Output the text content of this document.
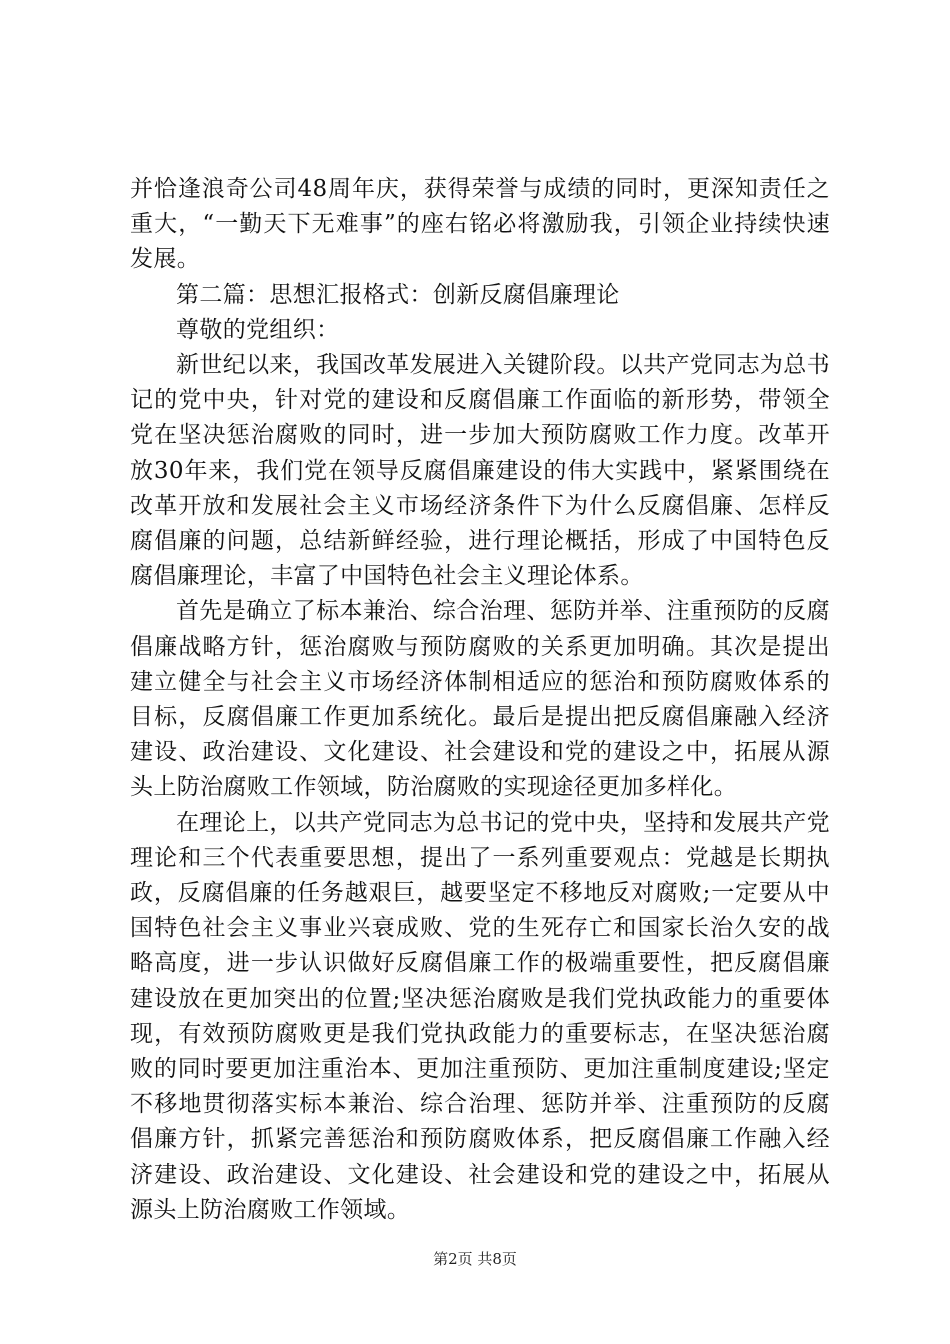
并恰逢浪奇公司48周年庆，获得荣誉与成绩的同时，更深知责任之重大，“一勤天下无难事”的座右铭必将激励我，引领企业持续快速发展。

第二篇：思想汇报格式：创新反腐倡廉理论

尊敬的党组织：

新世纪以来，我国改革发展进入关键阶段。以共产党同志为总书记的党中央，针对党的建设和反腐倡廉工作面临的新形势，带领全党在坚决惩治腐败的同时，进一步加大预防腐败工作力度。改革开放30年来，我们党在领导反腐倡廉建设的伟大实践中，紧紧围绕在改革开放和发展社会主义市场经济条件下为什么反腐倡廉、怎样反腐倡廉的问题，总结新鲜经验，进行理论概括，形成了中国特色反腐倡廉理论，丰富了中国特色社会主义理论体系。

首先是确立了标本兼治、综合治理、惩防并举、注重预防的反腐倡廉战略方针，惩治腐败与预防腐败的关系更加明确。其次是提出建立健全与社会主义市场经济体制相适应的惩治和预防腐败体系的目标，反腐倡廉工作更加系统化。最后是提出把反腐倡廉融入经济建设、政治建设、文化建设、社会建设和党的建设之中，拓展从源头上防治腐败工作领域，防治腐败的实现途径更加多样化。

在理论上，以共产党同志为总书记的党中央，坚持和发展共产党理论和三个代表重要思想，提出了一系列重要观点：党越是长期执政，反腐倡廉的任务越艰巨，越要坚定不移地反对腐败;一定要从中国特色社会主义事业兴衰成败、党的生死存亡和国家长治久安的战略高度，进一步认识做好反腐倡廉工作的极端重要性，把反腐倡廉建设放在更加突出的位置;坚决惩治腐败是我们党执政能力的重要体现，有效预防腐败更是我们党执政能力的重要标志，在坚决惩治腐败的同时要更加注重治本、更加注重预防、更加注重制度建设;坚定不移地贯彻落实标本兼治、综合治理、惩防并举、注重预防的反腐倡廉方针，抓紧完善惩治和预防腐败体系，把反腐倡廉工作融入经济建设、政治建设、文化建设、社会建设和党的建设之中，拓展从源头上防治腐败工作领域。

第2页 共8页
